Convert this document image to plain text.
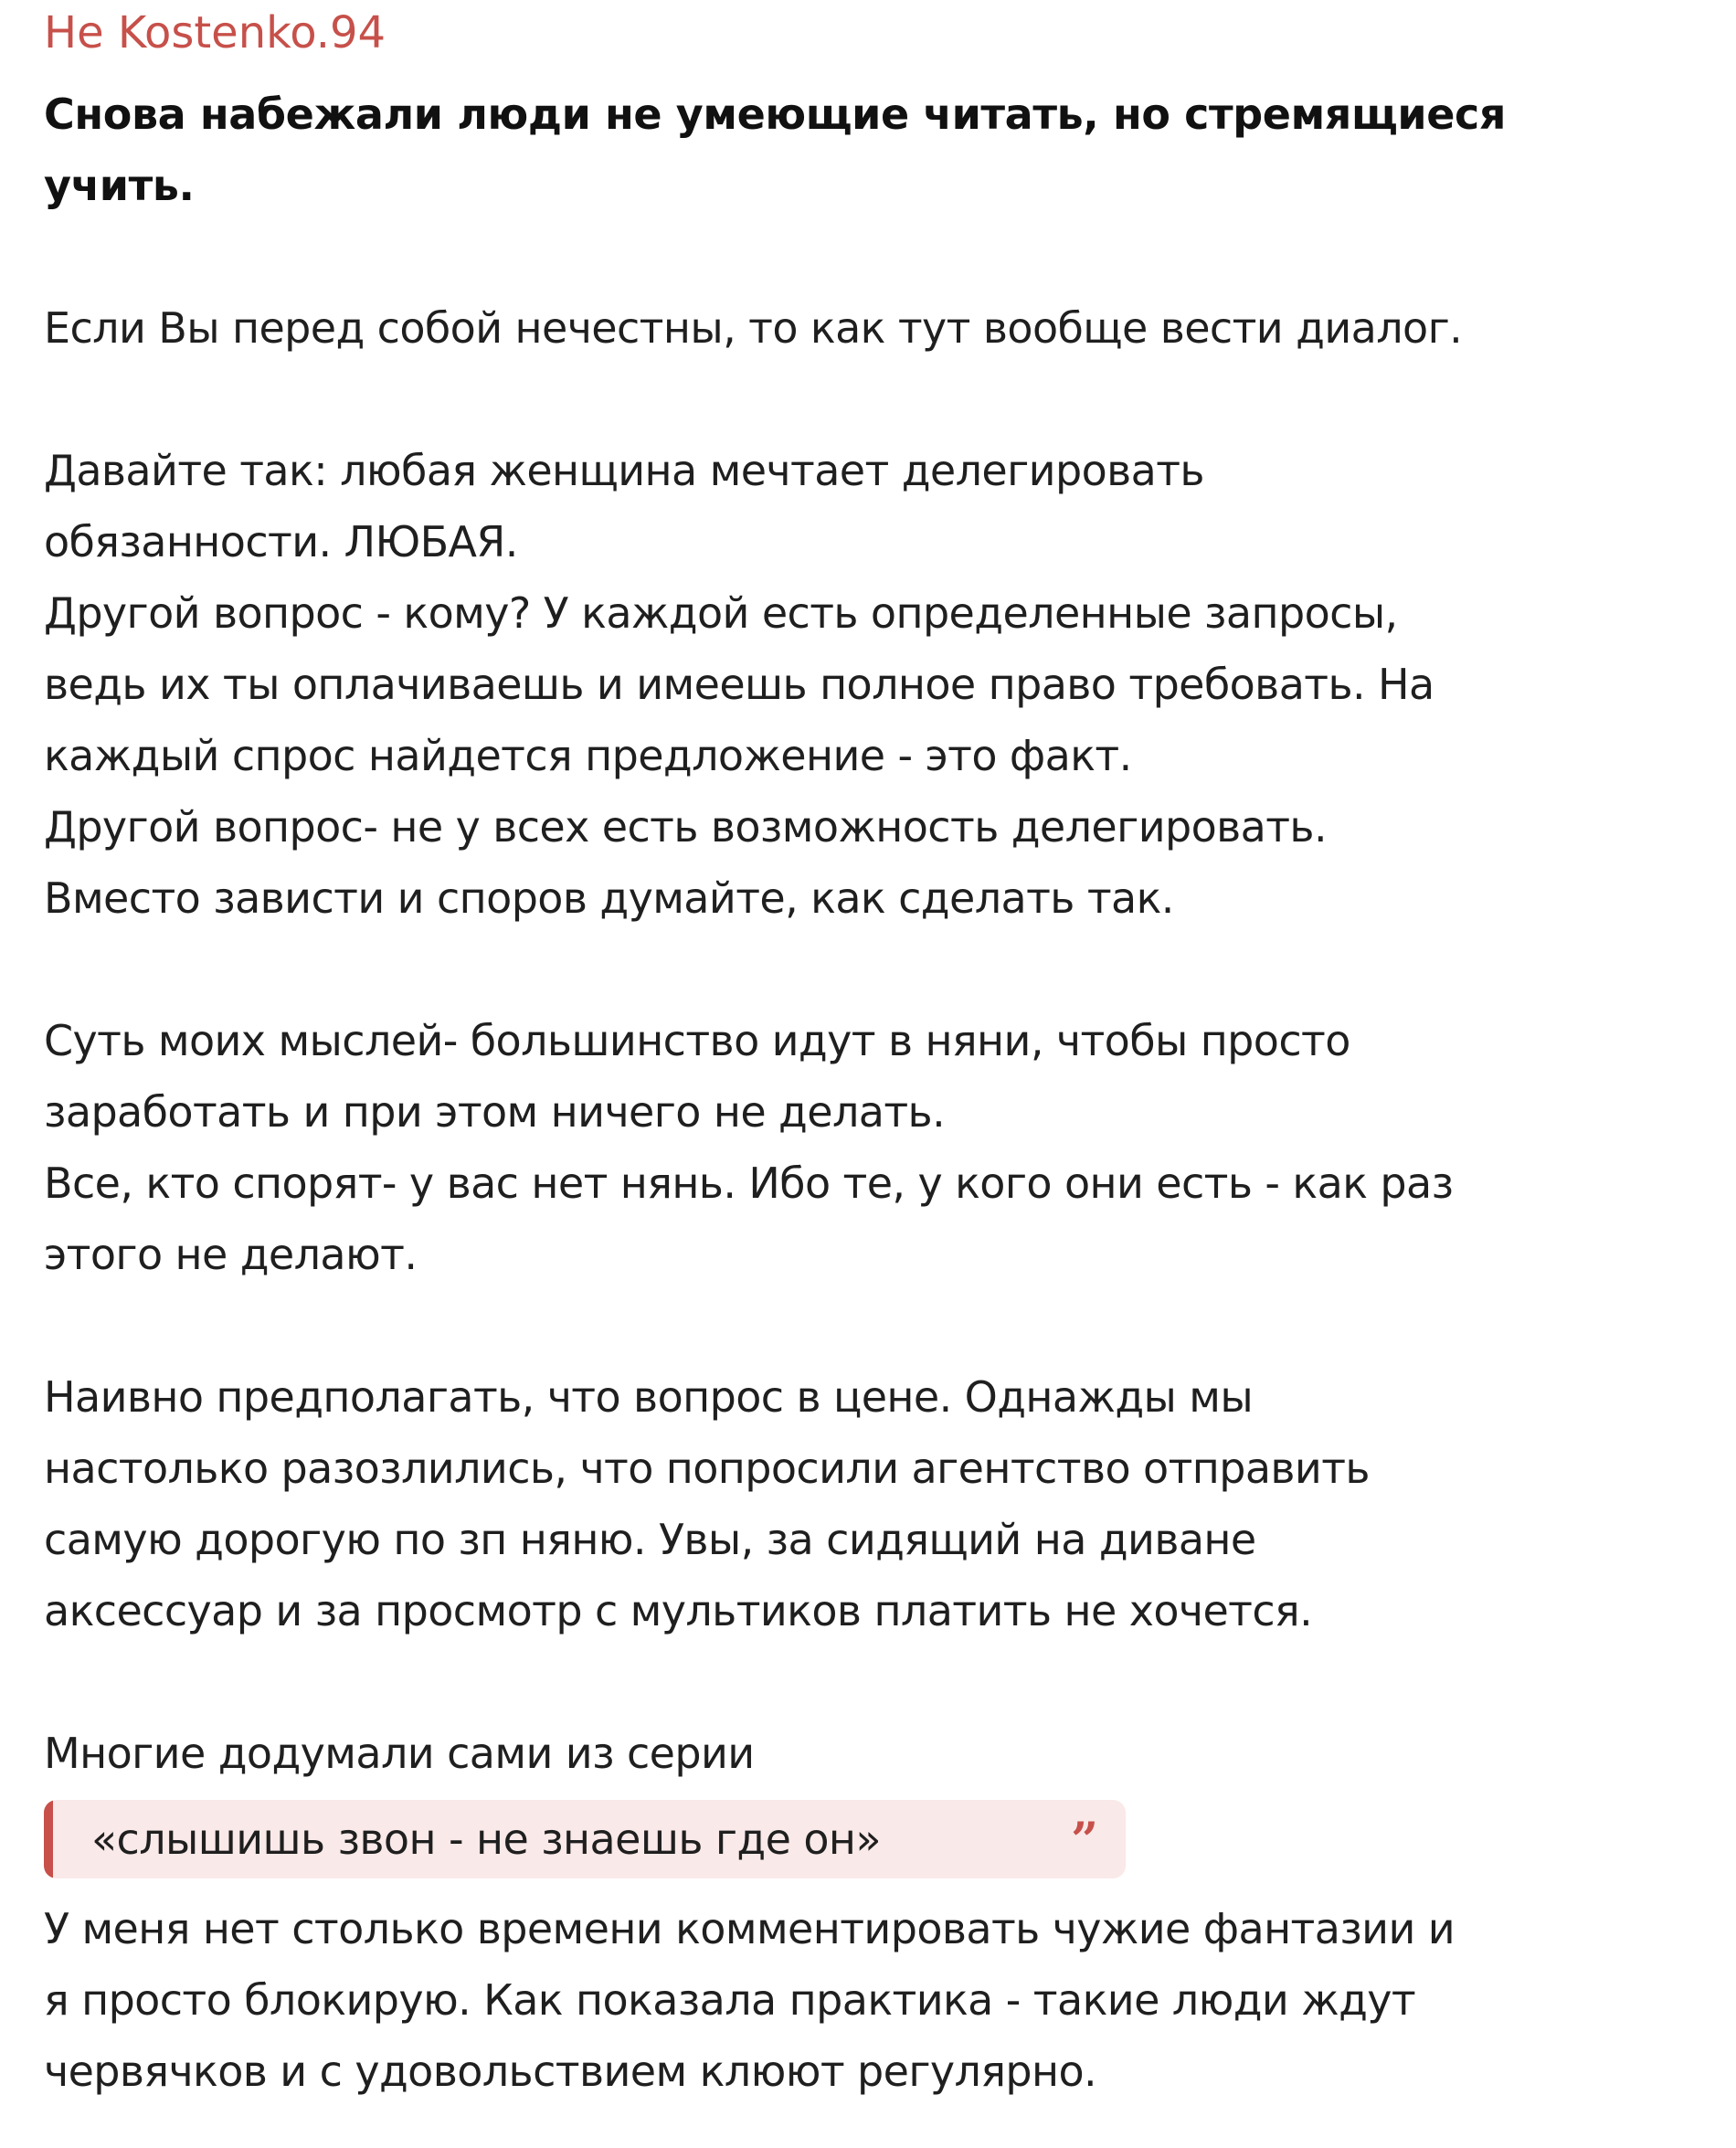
Не Kostenko.94
Снова набежали люди не умеющие читать, но стремящиеся
учить.
Если Вы перед собой нечестны, то как тут вообще вести диалог.
Давайте так: любая женщина мечтает делегировать
обязанности. ЛЮБАЯ.
Другой вопрос - кому? У каждой есть определенные запросы,
ведь их ты оплачиваешь и имеешь полное право требовать. На
каждый спрос найдется предложение - это факт.
Другой вопрос- не у всех есть возможность делегировать.
Вместо зависти и споров думайте, как сделать так.
Суть моих мыслей- большинство идут в няни, чтобы просто
заработать и при этом ничего не делать.
Все, кто спорят- у вас нет нянь. Ибо те, у кого они есть - как раз
этого не делают.
Наивно предполагать, что вопрос в цене. Однажды мы
настолько разозлились, что попросили агентство отправить
самую дорогую по зп няню. Увы, за сидящий на диване
аксессуар и за просмотр с мультиков платить не хочется.
Многие додумали сами из серии
«слышишь звон - не знаешь где он»	”
У меня нет столько времени комментировать чужие фантазии и
я просто блокирую. Как показала практика - такие люди ждут
червячков и с удовольствием клюют регулярно.
